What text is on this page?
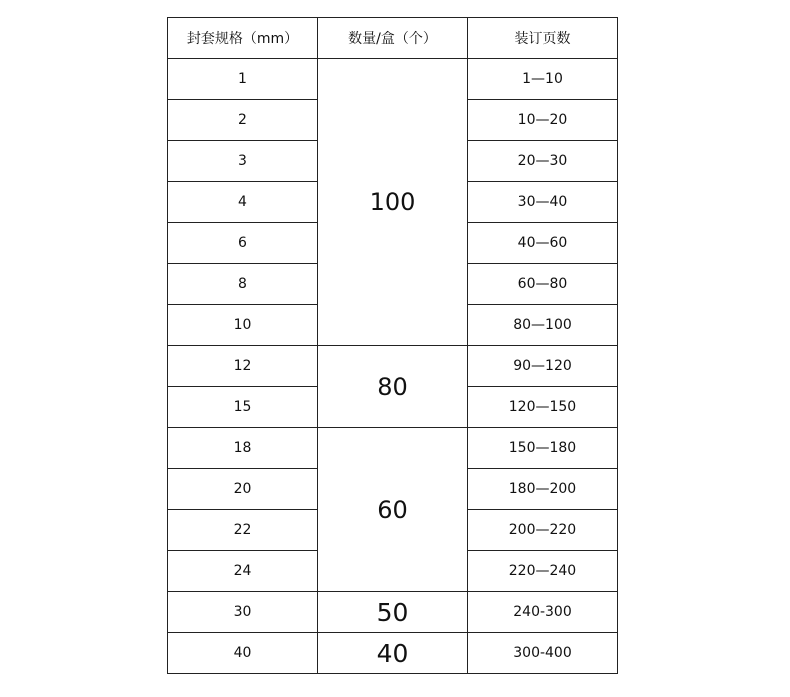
封套规格（mm）	数量/盒（个）	装订页数
1	100	1—10
2		10—20
3		20—30
4		30—40
6		40—60
8		60—80
10		80—100
12	80	90—120
15		120—150
18	60	150—180
20		180—200
22		200—220
24		220—240
30	50	240-300
40	40	300-400
